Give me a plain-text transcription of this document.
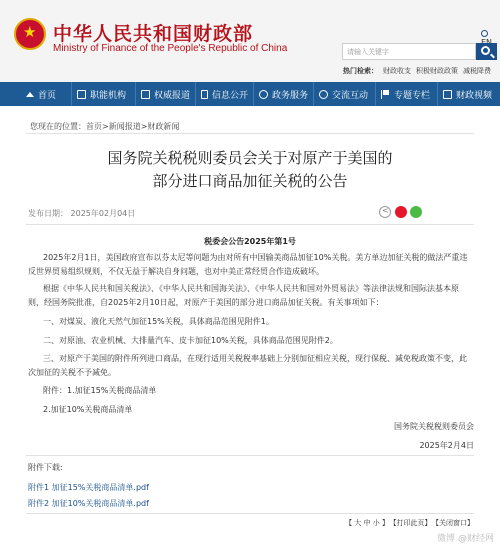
★
中华人民共和国财政部
Ministry of Finance of the People's Republic of China	请输入关键字
热门检索： 财政收支 积极财政政策 减税降费
首页	职能机构	权威报道 信息公开	政务服务	交流互动	专题专栏	财政视频
您现在的位置：首页>新闻报道>财政新闻
国务院关税税则委员会关于对原产于美国的
部分进口商品加征关税的公告
发布日期： 2025年02月04日
<
税委会公告2025年第1号
2025年2月1日，美国政府宣布以芬太尼等问题为由对所有中国输美商品加征10%关税。美方单边加征关税的做法严重违反世界贸易组织规则，不仅无益于解决自身问题，也对中美正常经贸合作造成破坏。
根据《中华人民共和国关税法》、《中华人民共和国海关法》、《中华人民共和国对外贸易法》等法律法规和国际法基本原则，经国务院批准，自2025年2月10日起，对原产于美国的部分进口商品加征关税。有关事项如下：
一、对煤炭、液化天然气加征15%关税，具体商品范围见附件1。
二、对原油、农业机械、大排量汽车、皮卡加征10%关税，具体商品范围见附件2。
三、对原产于美国的附件所列进口商品，在现行适用关税税率基础上分别加征相应关税，现行保税、减免税政策不变，此次加征的关税不予减免。
附件：1.加征15%关税商品清单
2.加征10%关税商品清单
国务院关税税则委员会
2025年2月4日
附件下载:
附件1 加征15%关税商品清单.pdf
附件2 加征10%关税商品清单.pdf
【 大 中 小 】 【打印此页】 【关闭窗口】
微博 @财经网
